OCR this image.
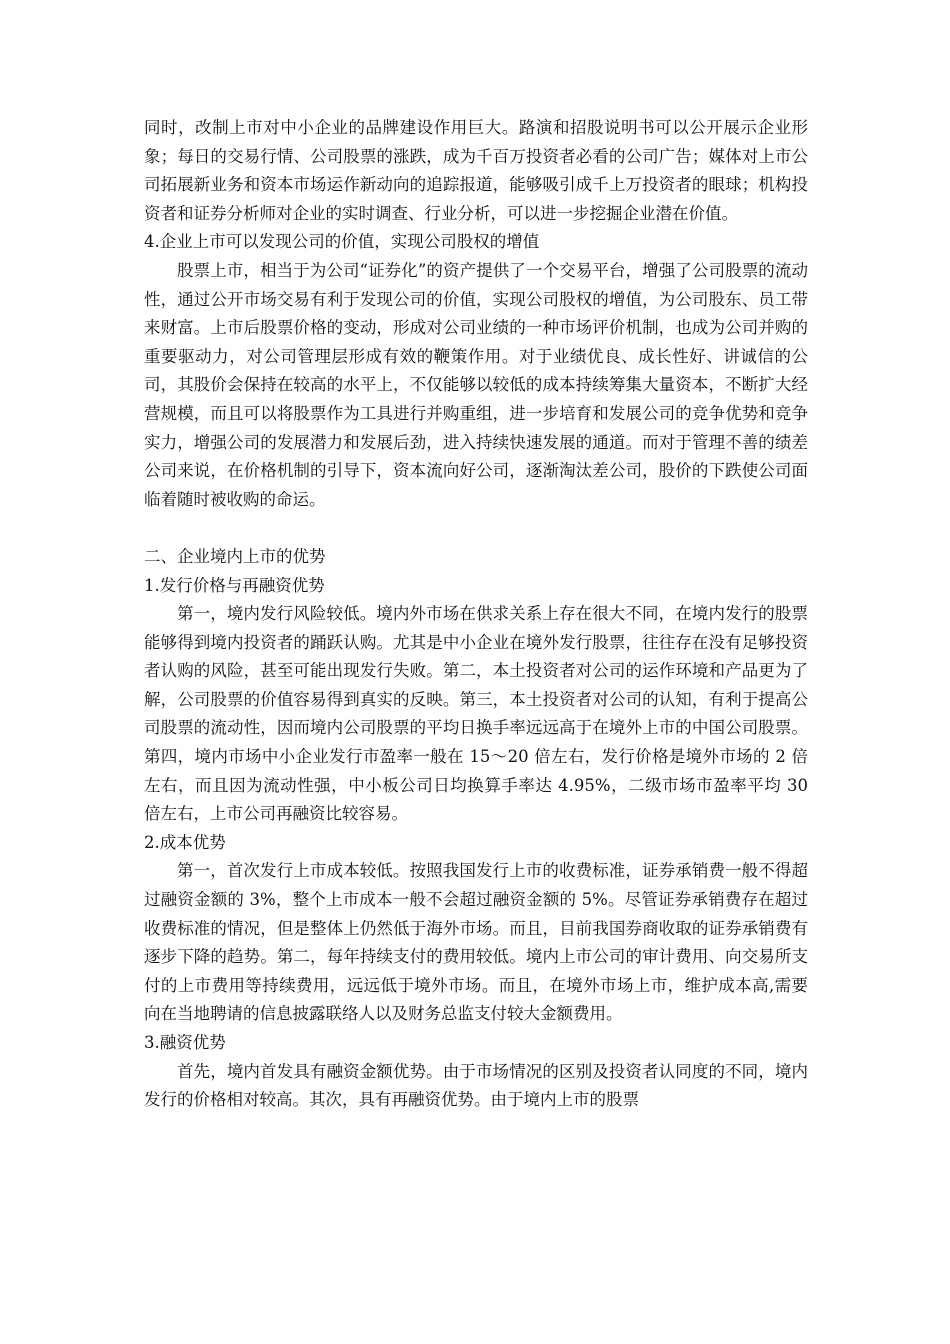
同时，改制上市对中小企业的品牌建设作用巨大。路演和招股说明书可以公开展示企业形象；每日的交易行情、公司股票的涨跌，成为千百万投资者必看的公司广告；媒体对上市公司拓展新业务和资本市场运作新动向的追踪报道，能够吸引成千上万投资者的眼球；机构投资者和证券分析师对企业的实时调查、行业分析，可以进一步挖掘企业潜在价值。

4.企业上市可以发现公司的价值，实现公司股权的增值

股票上市，相当于为公司“证券化”的资产提供了一个交易平台，增强了公司股票的流动性，通过公开市场交易有利于发现公司的价值，实现公司股权的增值，为公司股东、员工带来财富。上市后股票价格的变动，形成对公司业绩的一种市场评价机制，也成为公司并购的重要驱动力，对公司管理层形成有效的鞭策作用。对于业绩优良、成长性好、讲诚信的公司，其股价会保持在较高的水平上，不仅能够以较低的成本持续筹集大量资本，不断扩大经营规模，而且可以将股票作为工具进行并购重组，进一步培育和发展公司的竞争优势和竞争实力，增强公司的发展潜力和发展后劲，进入持续快速发展的通道。而对于管理不善的绩差公司来说，在价格机制的引导下，资本流向好公司，逐渐淘汰差公司，股价的下跌使公司面临着随时被收购的命运。

二、企业境内上市的优势

1.发行价格与再融资优势

第一，境内发行风险较低。境内外市场在供求关系上存在很大不同，在境内发行的股票能够得到境内投资者的踊跃认购。尤其是中小企业在境外发行股票，往往存在没有足够投资者认购的风险，甚至可能出现发行失败。第二，本土投资者对公司的运作环境和产品更为了解，公司股票的价值容易得到真实的反映。第三，本土投资者对公司的认知，有利于提高公司股票的流动性，因而境内公司股票的平均日换手率远远高于在境外上市的中国公司股票。第四，境内市场中小企业发行市盈率一般在 15～20 倍左右，发行价格是境外市场的 2 倍左右，而且因为流动性强，中小板公司日均换算手率达 4.95%，二级市场市盈率平均 30 倍左右，上市公司再融资比较容易。

2.成本优势

第一，首次发行上市成本较低。按照我国发行上市的收费标准，证券承销费一般不得超过融资金额的 3%，整个上市成本一般不会超过融资金额的 5%。尽管证券承销费存在超过收费标准的情况，但是整体上仍然低于海外市场。而且，目前我国券商收取的证券承销费有逐步下降的趋势。第二，每年持续支付的费用较低。境内上市公司的审计费用、向交易所支付的上市费用等持续费用，远远低于境外市场。而且，在境外市场上市，维护成本高,需要向在当地聘请的信息披露联络人以及财务总监支付较大金额费用。

3.融资优势

首先，境内首发具有融资金额优势。由于市场情况的区别及投资者认同度的不同，境内发行的价格相对较高。其次，具有再融资优势。由于境内上市的股票
